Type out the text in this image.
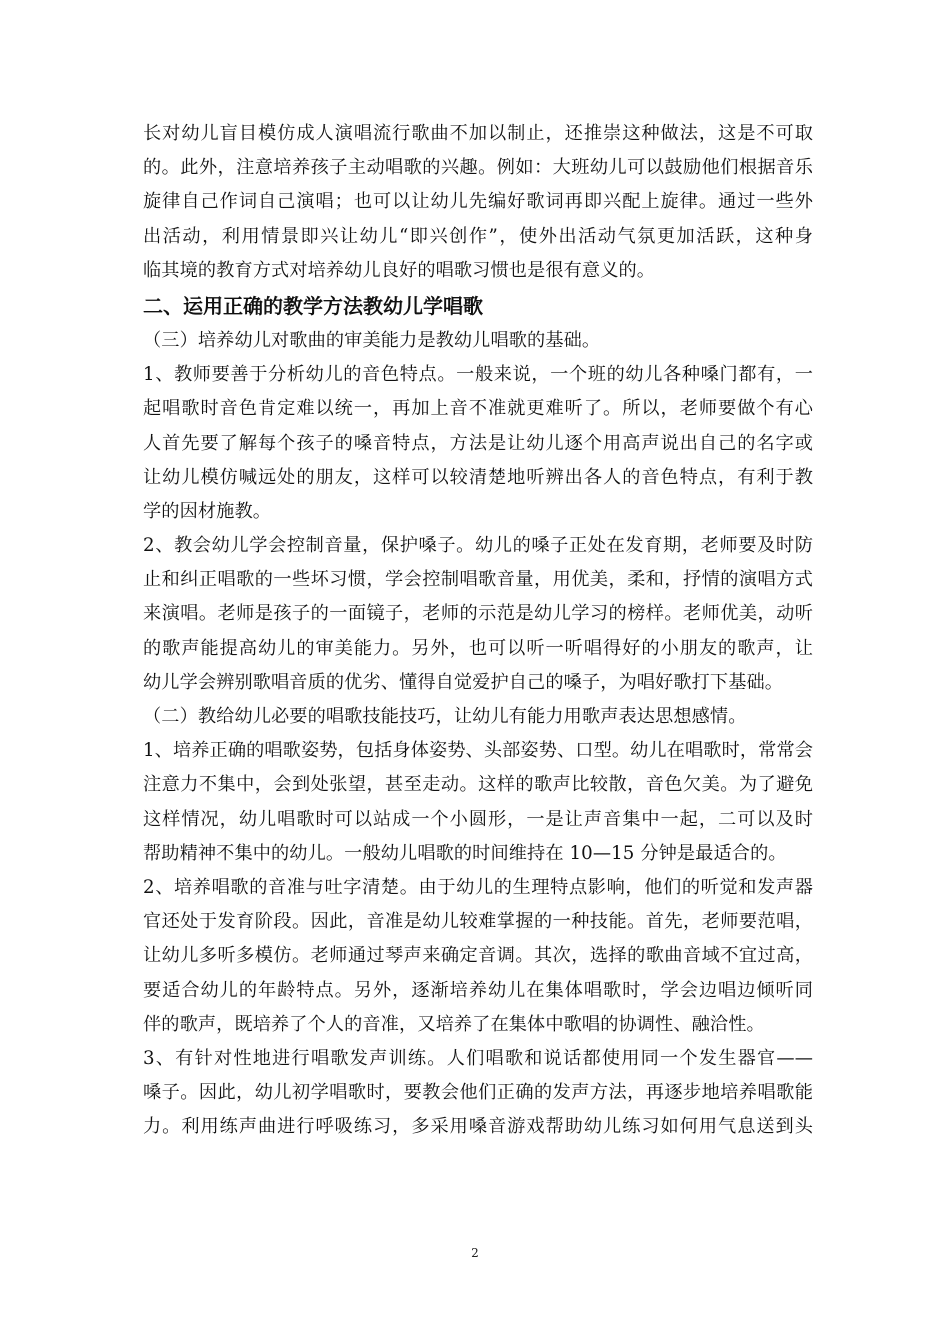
长对幼儿盲目模仿成人演唱流行歌曲不加以制止，还推崇这种做法，这是不可取
的。此外，注意培养孩子主动唱歌的兴趣。例如：大班幼儿可以鼓励他们根据音乐
旋律自己作词自己演唱；也可以让幼儿先编好歌词再即兴配上旋律。通过一些外
出活动，利用情景即兴让幼儿“即兴创作”，使外出活动气氛更加活跃，这种身
临其境的教育方式对培养幼儿良好的唱歌习惯也是很有意义的。
二、运用正确的教学方法教幼儿学唱歌
（三）培养幼儿对歌曲的审美能力是教幼儿唱歌的基础。
1、教师要善于分析幼儿的音色特点。一般来说，一个班的幼儿各种嗓门都有，一
起唱歌时音色肯定难以统一，再加上音不准就更难听了。所以，老师要做个有心
人首先要了解每个孩子的嗓音特点，方法是让幼儿逐个用高声说出自己的名字或
让幼儿模仿喊远处的朋友，这样可以较清楚地听辨出各人的音色特点，有利于教
学的因材施教。
2、教会幼儿学会控制音量，保护嗓子。幼儿的嗓子正处在发育期，老师要及时防
止和纠正唱歌的一些坏习惯，学会控制唱歌音量，用优美，柔和，抒情的演唱方式
来演唱。老师是孩子的一面镜子，老师的示范是幼儿学习的榜样。老师优美，动听
的歌声能提高幼儿的审美能力。另外，也可以听一听唱得好的小朋友的歌声，让
幼儿学会辨别歌唱音质的优劣、懂得自觉爱护自己的嗓子，为唱好歌打下基础。
（二）教给幼儿必要的唱歌技能技巧，让幼儿有能力用歌声表达思想感情。
1、培养正确的唱歌姿势，包括身体姿势、头部姿势、口型。幼儿在唱歌时，常常会
注意力不集中，会到处张望，甚至走动。这样的歌声比较散，音色欠美。为了避免
这样情况，幼儿唱歌时可以站成一个小圆形，一是让声音集中一起，二可以及时
帮助精神不集中的幼儿。一般幼儿唱歌的时间维持在 10—15 分钟是最适合的。
2、培养唱歌的音准与吐字清楚。由于幼儿的生理特点影响，他们的听觉和发声器
官还处于发育阶段。因此，音准是幼儿较难掌握的一种技能。首先，老师要范唱，
让幼儿多听多模仿。老师通过琴声来确定音调。其次，选择的歌曲音域不宜过高，
要适合幼儿的年龄特点。另外，逐渐培养幼儿在集体唱歌时，学会边唱边倾听同
伴的歌声，既培养了个人的音准，又培养了在集体中歌唱的协调性、融洽性。
3、有针对性地进行唱歌发声训练。人们唱歌和说话都使用同一个发生器官——
嗓子。因此，幼儿初学唱歌时，要教会他们正确的发声方法，再逐步地培养唱歌能
力。利用练声曲进行呼吸练习，多采用嗓音游戏帮助幼儿练习如何用气息送到头
2
